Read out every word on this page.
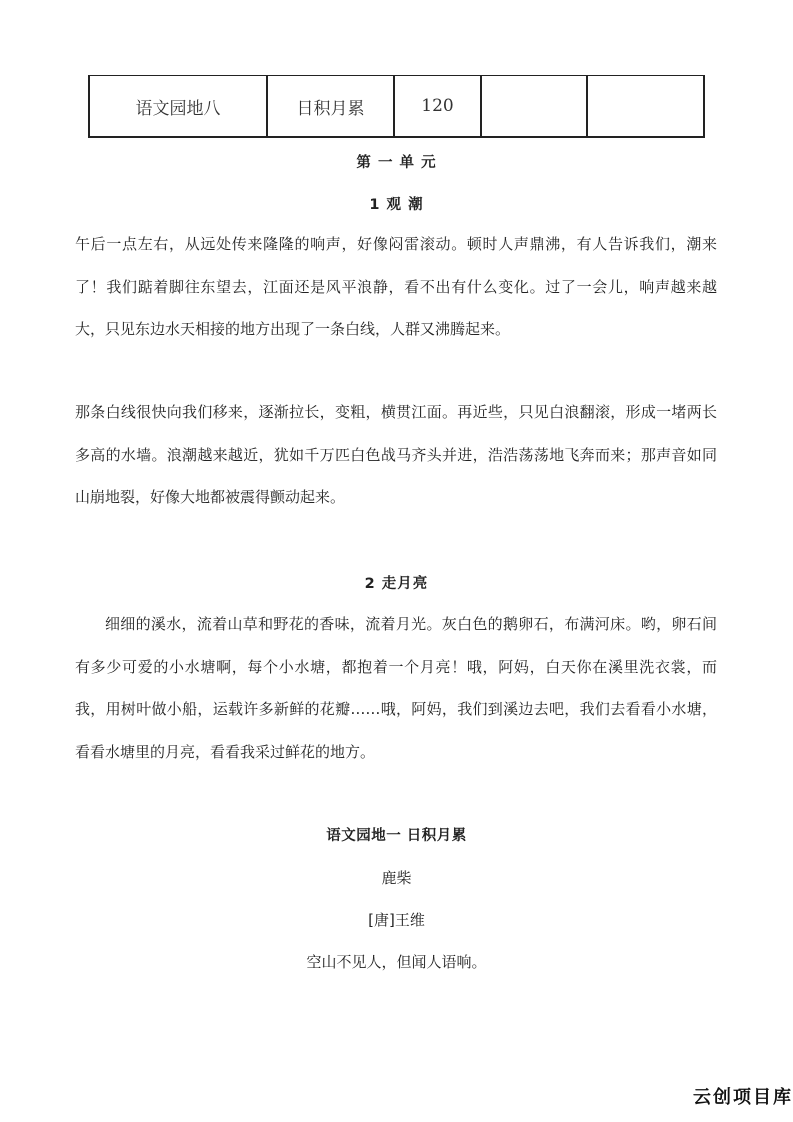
语文园地八	日积月累	120		
第 一 单 元
1 观 潮

午后一点左右，从远处传来隆隆的响声，好像闷雷滚动。顿时人声鼎沸，有人告诉我们，潮来了！我们踮着脚往东望去，江面还是风平浪静，看不出有什么变化。过了一会儿，响声越来越大，只见东边水天相接的地方出现了一条白线，人群又沸腾起来。

那条白线很快向我们移来，逐渐拉长，变粗，横贯江面。再近些，只见白浪翻滚，形成一堵两长多高的水墙。浪潮越来越近，犹如千万匹白色战马齐头并进，浩浩荡荡地飞奔而来；那声音如同山崩地裂，好像大地都被震得颤动起来。

2 走月亮

细细的溪水，流着山草和野花的香味，流着月光。灰白色的鹅卵石，布满河床。哟，卵石间有多少可爱的小水塘啊，每个小水塘，都抱着一个月亮！哦，阿妈，白天你在溪里洗衣裳，而我，用树叶做小船，运载许多新鲜的花瓣……哦，阿妈，我们到溪边去吧，我们去看看小水塘，看看水塘里的月亮，看看我采过鲜花的地方。

语文园地一 日积月累
鹿柴
[唐]王维
空山不见人，但闻人语响。
云创项目库
